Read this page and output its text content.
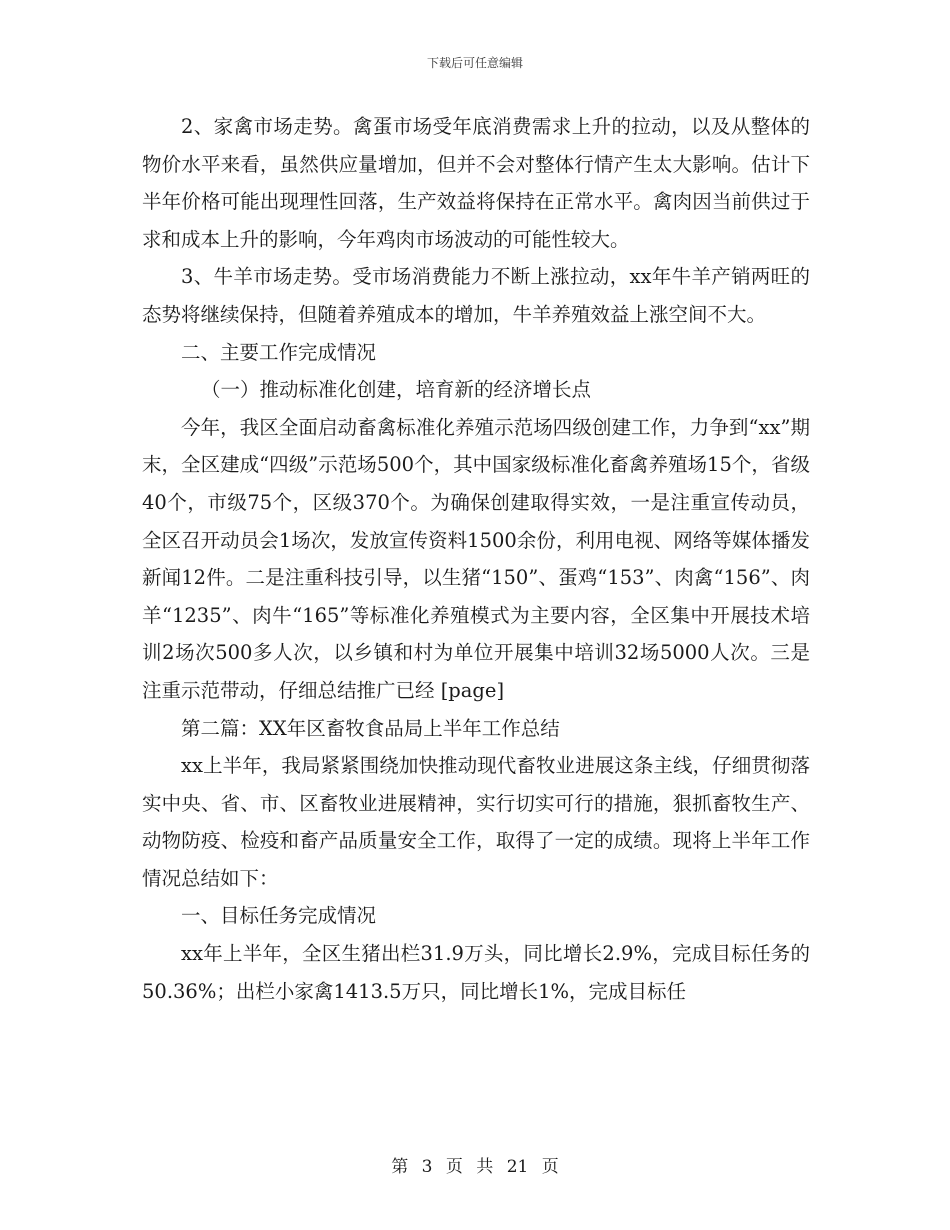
下载后可任意编辑

2、家禽市场走势。禽蛋市场受年底消费需求上升的拉动，以及从整体的物价水平来看，虽然供应量增加，但并不会对整体行情产生太大影响。估计下半年价格可能出现理性回落，生产效益将保持在正常水平。禽肉因当前供过于求和成本上升的影响，今年鸡肉市场波动的可能性较大。

3、牛羊市场走势。受市场消费能力不断上涨拉动，xx年牛羊产销两旺的态势将继续保持，但随着养殖成本的增加，牛羊养殖效益上涨空间不大。

二、主要工作完成情况

（一）推动标准化创建，培育新的经济增长点

今年，我区全面启动畜禽标准化养殖示范场四级创建工作，力争到“xx”期末，全区建成“四级”示范场500个，其中国家级标准化畜禽养殖场15个，省级40个，市级75个，区级370个。为确保创建取得实效，一是注重宣传动员，全区召开动员会1场次，发放宣传资料1500余份，利用电视、网络等媒体播发新闻12件。二是注重科技引导，以生猪“150”、蛋鸡“153”、肉禽“156”、肉羊“1235”、肉牛“165”等标准化养殖模式为主要内容，全区集中开展技术培训2场次500多人次，以乡镇和村为单位开展集中培训32场5000人次。三是注重示范带动，仔细总结推广已经 [page]

第二篇：XX年区畜牧食品局上半年工作总结

xx上半年，我局紧紧围绕加快推动现代畜牧业进展这条主线，仔细贯彻落实中央、省、市、区畜牧业进展精神，实行切实可行的措施，狠抓畜牧生产、动物防疫、检疫和畜产品质量安全工作，取得了一定的成绩。现将上半年工作情况总结如下：

一、目标任务完成情况

xx年上半年，全区生猪出栏31.9万头，同比增长2.9%，完成目标任务的50.36%；出栏小家禽1413.5万只，同比增长1%，完成目标任

第 3 页 共 21 页
